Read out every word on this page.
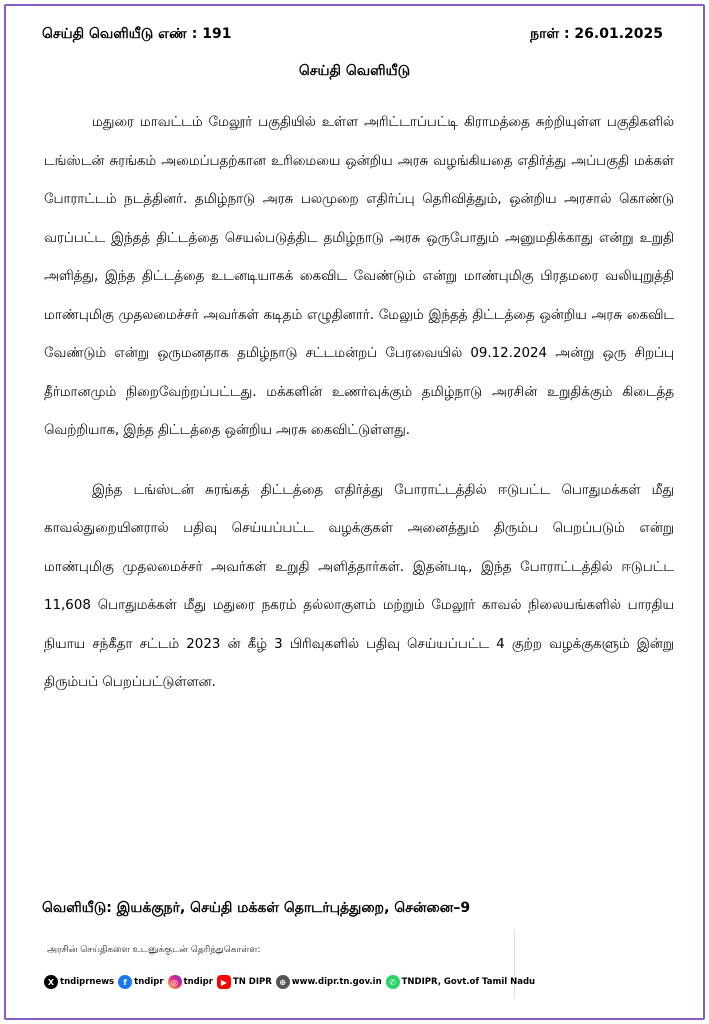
செய்தி வெளியீடு எண் : 191	நாள் : 26.01.2025
செய்தி வெளியீடு

மதுரை மாவட்டம் மேலூர் பகுதியில் உள்ள அரிட்டாப்பட்டி கிராமத்தை சுற்றியுள்ள பகுதிகளில் டங்ஸ்டன் சுரங்கம் அமைப்பதற்கான உரிமையை ஒன்றிய அரசு வழங்கியதை எதிர்த்து அப்பகுதி மக்கள் போராட்டம் நடத்தினர். தமிழ்நாடு அரசு பலமுறை எதிர்ப்பு தெரிவித்தும், ஒன்றிய அரசால் கொண்டு வரப்பட்ட இந்தத் திட்டத்தை செயல்படுத்திட தமிழ்நாடு அரசு ஒருபோதும் அனுமதிக்காது என்று உறுதி அளித்து, இந்த திட்டத்தை உடனடியாகக் கைவிட வேண்டும் என்று மாண்புமிகு பிரதமரை வலியுறுத்தி மாண்புமிகு முதலமைச்சர் அவர்கள் கடிதம் எழுதினார். மேலும் இந்தத் திட்டத்தை ஒன்றிய அரசு கைவிட வேண்டும் என்று ஒருமனதாக தமிழ்நாடு சட்டமன்றப் பேரவையில் 09.12.2024 அன்று ஒரு சிறப்பு தீர்மானமும் நிறைவேற்றப்பட்டது. மக்களின் உணர்வுக்கும் தமிழ்நாடு அரசின் உறுதிக்கும் கிடைத்த வெற்றியாக, இந்த திட்டத்தை ஒன்றிய அரசு கைவிட்டுள்ளது.

இந்த டங்ஸ்டன் சுரங்கத் திட்டத்தை எதிர்த்து போராட்டத்தில் ஈடுபட்ட பொதுமக்கள் மீது காவல்துறையினரால் பதிவு செய்யப்பட்ட வழக்குகள் அனைத்தும் திரும்ப பெறப்படும் என்று மாண்புமிகு முதலமைச்சர் அவர்கள் உறுதி அளித்தார்கள். இதன்படி, இந்த போராட்டத்தில் ஈடுபட்ட 11,608 பொதுமக்கள் மீது மதுரை நகரம் தல்லாகுளம் மற்றும் மேலூர் காவல் நிலையங்களில் பாரதிய நியாய சந்கீதா சட்டம் 2023 ன் கீழ் 3 பிரிவுகளில் பதிவு செய்யப்பட்ட 4 குற்ற வழக்குகளும் இன்று திரும்பப் பெறப்பட்டுள்ளன.

வெளியீடு: இயக்குநர், செய்தி மக்கள் தொடர்புத்துறை, சென்னை–9
அரசின் செய்திகளை உடனுக்குடன் தெரிந்துகொள்ள:
X tndiprnews	f tndipr ◎ tndipr ▶ TN DIPR ⊕ www.dipr.tn.gov.in ✆ TNDIPR, Govt.of Tamil Nadu
